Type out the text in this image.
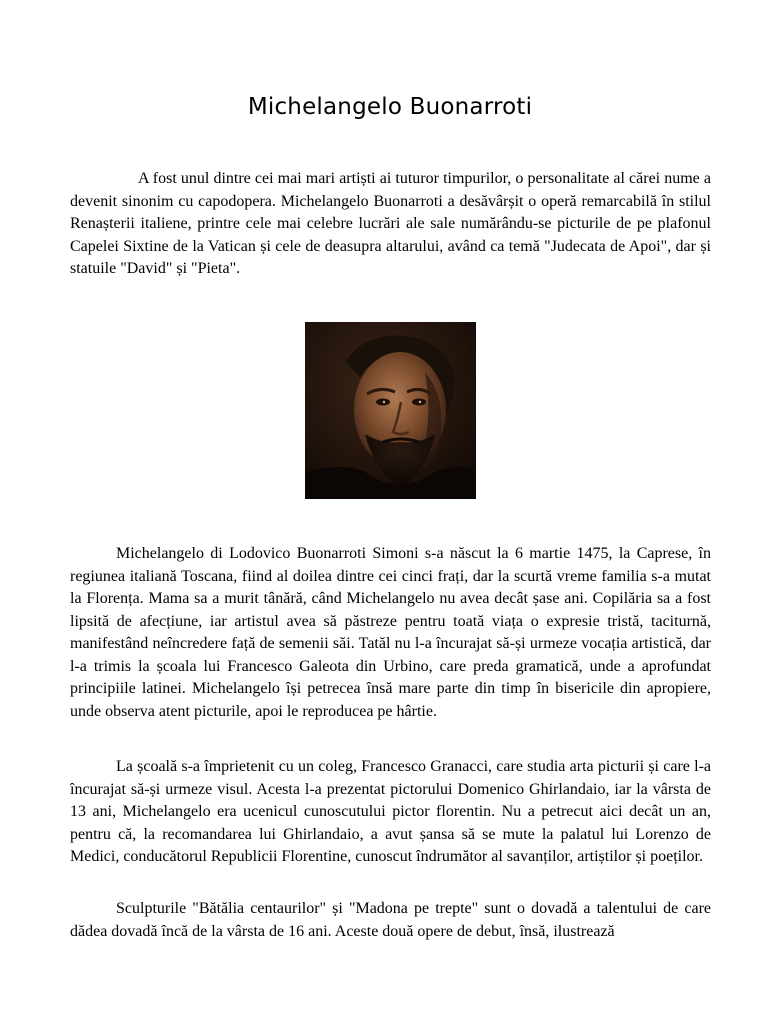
Michelangelo Buonarroti

A fost unul dintre cei mai mari artiști ai tuturor timpurilor, o personalitate al cărei nume a devenit sinonim cu capodopera. Michelangelo Buonarroti a desăvârșit o operă remarcabilă în stilul Renașterii italiene, printre cele mai celebre lucrări ale sale numărându-se picturile de pe plafonul Capelei Sixtine de la Vatican și cele de deasupra altarului, având ca temă "Judecata de Apoi", dar și statuile "David" și "Pieta".

Michelangelo di Lodovico Buonarroti Simoni s-a născut la 6 martie 1475, la Caprese, în regiunea italiană Toscana, fiind al doilea dintre cei cinci frați, dar la scurtă vreme familia s-a mutat la Florența. Mama sa a murit tânără, când Michelangelo nu avea decât șase ani. Copilăria sa a fost lipsită de afecțiune, iar artistul avea să păstreze pentru toată viața o expresie tristă, taciturnă, manifestând neîncredere față de semenii săi. Tatăl nu l-a încurajat să-și urmeze vocația artistică, dar l-a trimis la școala lui Francesco Galeota din Urbino, care preda gramatică, unde a aprofundat principiile latinei. Michelangelo își petrecea însă mare parte din timp în bisericile din apropiere, unde observa atent picturile, apoi le reproducea pe hârtie.

La școală s-a împrietenit cu un coleg, Francesco Granacci, care studia arta picturii și care l-a încurajat să-și urmeze visul. Acesta l-a prezentat pictorului Domenico Ghirlandaio, iar la vârsta de 13 ani, Michelangelo era ucenicul cunoscutului pictor florentin. Nu a petrecut aici decât un an, pentru că, la recomandarea lui Ghirlandaio, a avut șansa să se mute la palatul lui Lorenzo de Medici, conducătorul Republicii Florentine, cunoscut îndrumător al savanților, artiștilor și poeților.

Sculpturile "Bătălia centaurilor" și "Madona pe trepte" sunt o dovadă a talentului de care dădea dovadă încă de la vârsta de 16 ani. Aceste două opere de debut, însă, ilustrează
